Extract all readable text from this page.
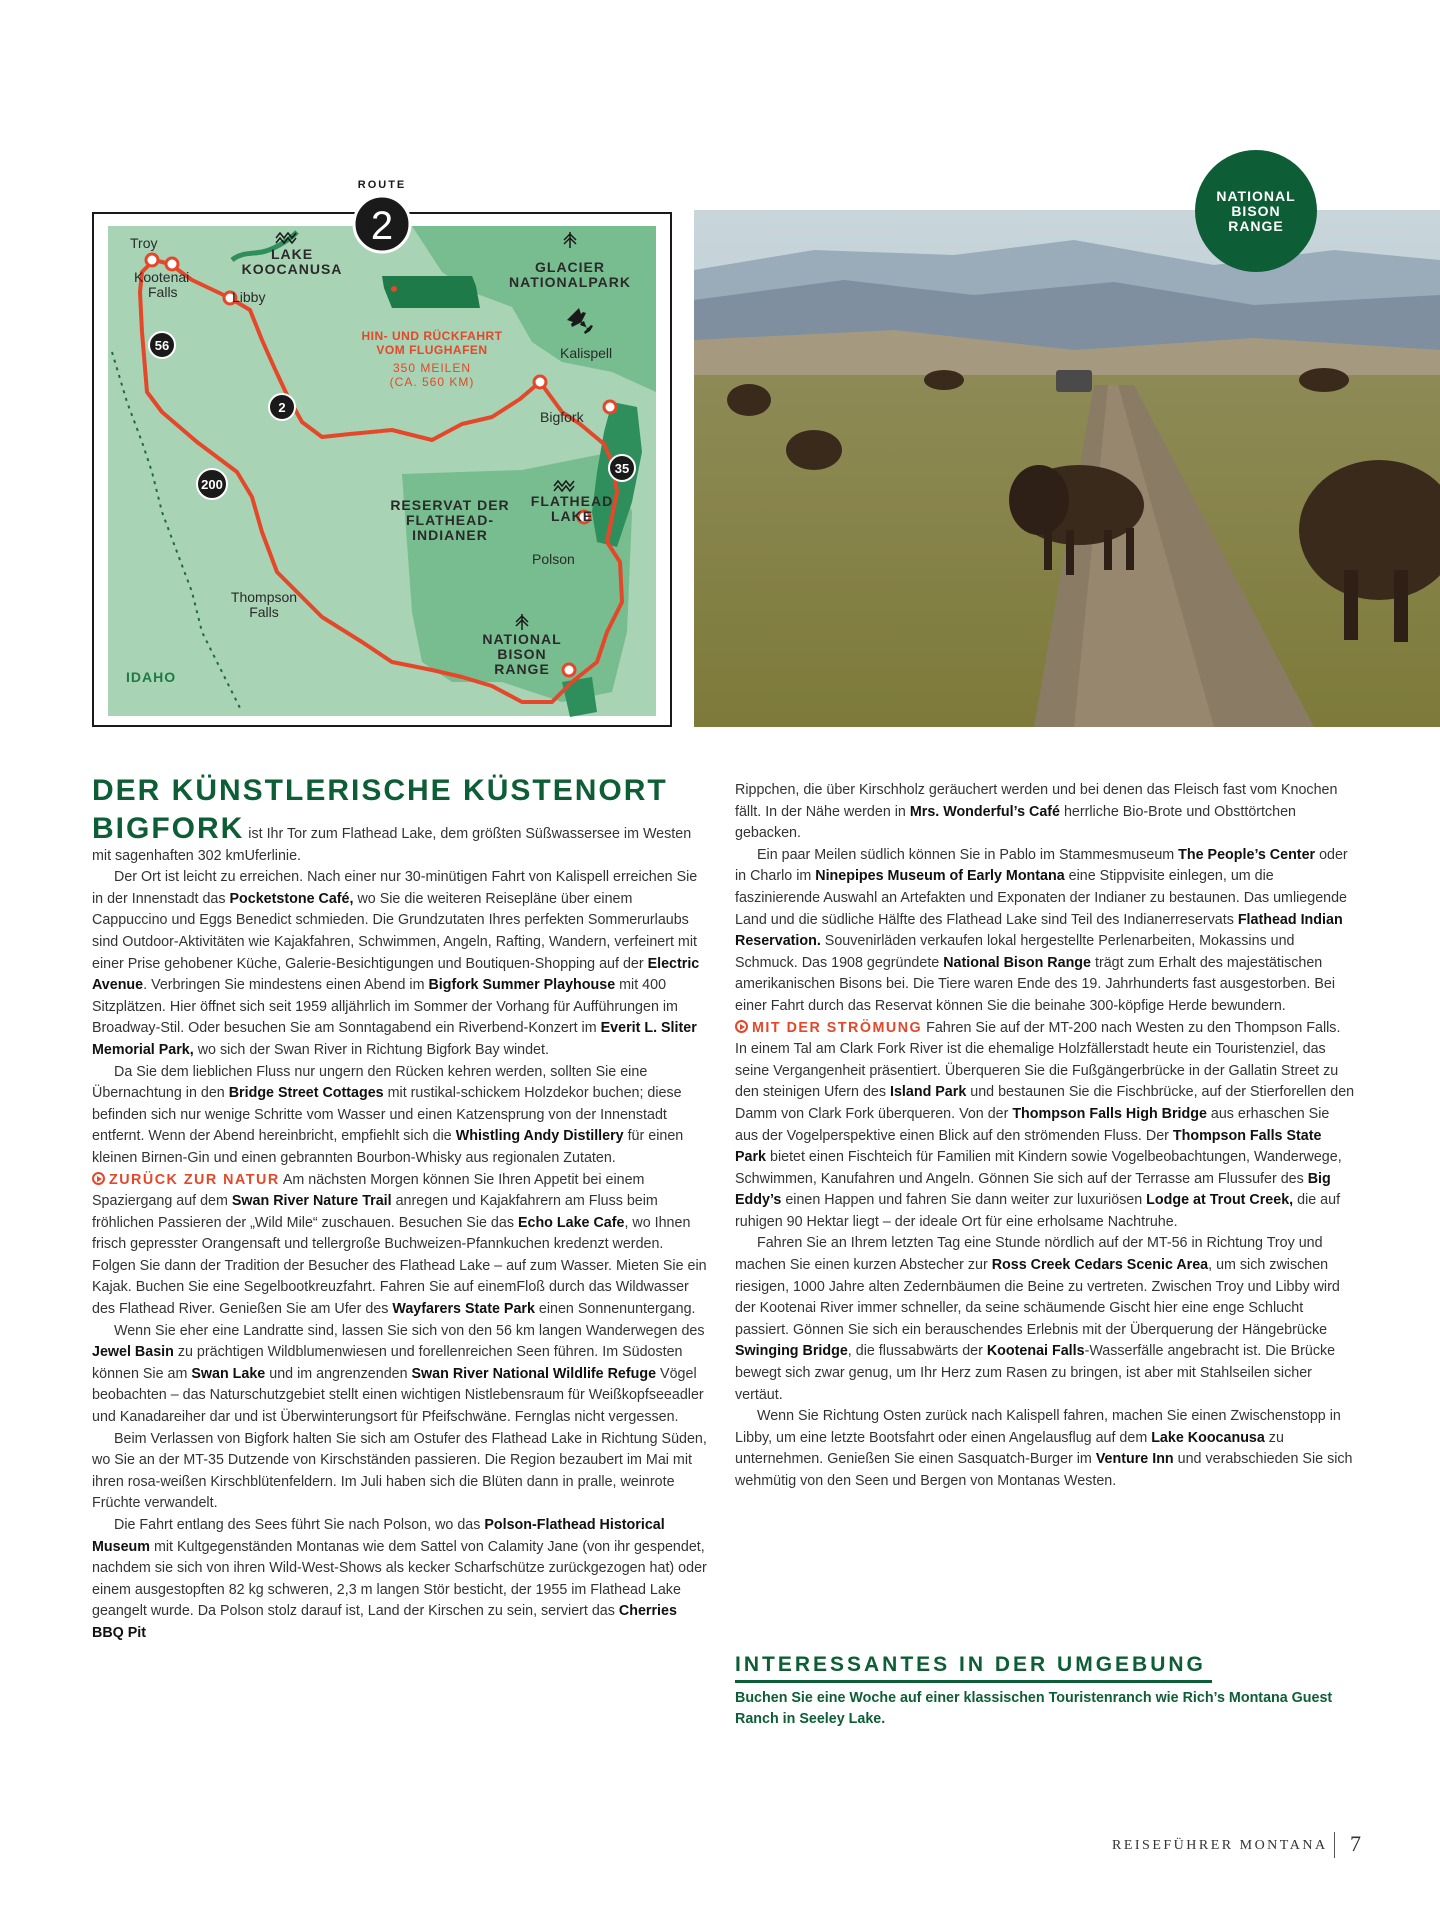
2
ROUTE
56
2
200
35
Troy
Kootenai Falls	Libby
LAKE KOOCANUSA	GLACIER NATIONALPARK
Kalispell
Bigfork
FLATHEAD LAKE
RESERVAT DER FLATHEAD-INDIANER
Polson
Thompson Falls
NATIONAL BISON RANGE
IDAHO
HIN- UND RÜCKFAHRT VOM FLUGHAFEN
350 MEILEN (CA. 560 KM)
NATIONAL
BISON
RANGE
DER KÜNSTLERISCHE KÜSTENORT

BIGFORK ist Ihr Tor zum Flathead Lake, dem größten Süßwassersee im Westen mit sagenhaften 302 kmUferlinie.

Der Ort ist leicht zu erreichen. Nach einer nur 30-minütigen Fahrt von Kalispell erreichen Sie in der Innenstadt das Pocketstone Café, wo Sie die weiteren Reisepläne über einem Cappuccino und Eggs Benedict schmieden. Die Grundzutaten Ihres perfekten Sommerurlaubs sind Outdoor-Aktivitäten wie Kajakfahren, Schwimmen, Angeln, Rafting, Wandern, verfeinert mit einer Prise gehobener Küche, Galerie-Besichtigungen und Boutiquen-Shopping auf der Electric Avenue. Verbringen Sie mindestens einen Abend im Bigfork Summer Playhouse mit 400 Sitzplätzen. Hier öffnet sich seit 1959 alljährlich im Sommer der Vorhang für Aufführungen im Broadway-Stil. Oder besuchen Sie am Sonntagabend ein Riverbend-Konzert im Everit L. Sliter Memorial Park, wo sich der Swan River in Richtung Bigfork Bay windet.

Da Sie dem lieblichen Fluss nur ungern den Rücken kehren werden, sollten Sie eine Übernachtung in den Bridge Street Cottages mit rustikal-schickem Holzdekor buchen; diese befinden sich nur wenige Schritte vom Wasser und einen Katzensprung von der Innenstadt entfernt. Wenn der Abend hereinbricht, empfiehlt sich die Whistling Andy Distillery für einen kleinen Birnen-Gin und einen gebrannten Bourbon-Whisky aus regionalen Zutaten.

ZURÜCK ZUR NATUR Am nächsten Morgen können Sie Ihren Appetit bei einem Spaziergang auf dem Swan River Nature Trail anregen und Kajakfahrern am Fluss beim fröhlichen Passieren der „Wild Mile“ zuschauen. Besuchen Sie das Echo Lake Cafe, wo Ihnen frisch gepresster Orangensaft und tellergroße Buchweizen-Pfannkuchen kredenzt werden. Folgen Sie dann der Tradition der Besucher des Flathead Lake – auf zum Wasser. Mieten Sie ein Kajak. Buchen Sie eine Segelbootkreuzfahrt. Fahren Sie auf einemFloß durch das Wildwasser des Flathead River. Genießen Sie am Ufer des Wayfarers State Park einen Sonnenuntergang.

Wenn Sie eher eine Landratte sind, lassen Sie sich von den 56 km langen Wanderwegen des Jewel Basin zu prächtigen Wildblumenwiesen und forellenreichen Seen führen. Im Südosten können Sie am Swan Lake und im angrenzenden Swan River National Wildlife Refuge Vögel beobachten – das Naturschutzgebiet stellt einen wichtigen Nistlebensraum für Weißkopfseeadler und Kanadareiher dar und ist Überwinterungsort für Pfeifschwäne. Fernglas nicht vergessen.

Beim Verlassen von Bigfork halten Sie sich am Ostufer des Flathead Lake in Richtung Süden, wo Sie an der MT-35 Dutzende von Kirschständen passieren. Die Region bezaubert im Mai mit ihren rosa-weißen Kirschblütenfeldern. Im Juli haben sich die Blüten dann in pralle, weinrote Früchte verwandelt.

Die Fahrt entlang des Sees führt Sie nach Polson, wo das Polson-Flathead Historical Museum mit Kultgegenständen Montanas wie dem Sattel von Calamity Jane (von ihr gespendet, nachdem sie sich von ihren Wild-West-Shows als kecker Scharfschütze zurückgezogen hat) oder einem ausgestopften 82 kg schweren, 2,3 m langen Stör besticht, der 1955 im Flathead Lake geangelt wurde. Da Polson stolz darauf ist, Land der Kirschen zu sein, serviert das Cherries BBQ Pit

Rippchen, die über Kirschholz geräuchert werden und bei denen das Fleisch fast vom Knochen fällt. In der Nähe werden in Mrs. Wonderful’s Café herrliche Bio-Brote und Obsttörtchen gebacken.

Ein paar Meilen südlich können Sie in Pablo im Stammesmuseum The People’s Center oder in Charlo im Ninepipes Museum of Early Montana eine Stippvisite einlegen, um die faszinierende Auswahl an Artefakten und Exponaten der Indianer zu bestaunen. Das umliegende Land und die südliche Hälfte des Flathead Lake sind Teil des Indianerreservats Flathead Indian Reservation. Souvenirläden verkaufen lokal hergestellte Perlenarbeiten, Mokassins und Schmuck. Das 1908 gegründete National Bison Range trägt zum Erhalt des majestätischen amerikanischen Bisons bei. Die Tiere waren Ende des 19. Jahrhunderts fast ausgestorben. Bei einer Fahrt durch das Reservat können Sie die beinahe 300-köpfige Herde bewundern.

MIT DER STRÖMUNG Fahren Sie auf der MT-200 nach Westen zu den Thompson Falls. In einem Tal am Clark Fork River ist die ehemalige Holzfällerstadt heute ein Touristenziel, das seine Vergangenheit präsentiert. Überqueren Sie die Fußgängerbrücke in der Gallatin Street zu den steinigen Ufern des Island Park und bestaunen Sie die Fischbrücke, auf der Stierforellen den Damm von Clark Fork überqueren. Von der Thompson Falls High Bridge aus erhaschen Sie aus der Vogelperspektive einen Blick auf den strömenden Fluss. Der Thompson Falls State Park bietet einen Fischteich für Familien mit Kindern sowie Vogelbeobachtungen, Wanderwege, Schwimmen, Kanufahren und Angeln. Gönnen Sie sich auf der Terrasse am Flussufer des Big Eddy’s einen Happen und fahren Sie dann weiter zur luxuriösen Lodge at Trout Creek, die auf ruhigen 90 Hektar liegt – der ideale Ort für eine erholsame Nachtruhe.

Fahren Sie an Ihrem letzten Tag eine Stunde nördlich auf der MT-56 in Richtung Troy und machen Sie einen kurzen Abstecher zur Ross Creek Cedars Scenic Area, um sich zwischen riesigen, 1000 Jahre alten Zedernbäumen die Beine zu vertreten. Zwischen Troy und Libby wird der Kootenai River immer schneller, da seine schäumende Gischt hier eine enge Schlucht passiert. Gönnen Sie sich ein berauschendes Erlebnis mit der Überquerung der Hängebrücke Swinging Bridge, die flussabwärts der Kootenai Falls-Wasserfälle angebracht ist. Die Brücke bewegt sich zwar genug, um Ihr Herz zum Rasen zu bringen, ist aber mit Stahlseilen sicher vertäut.

Wenn Sie Richtung Osten zurück nach Kalispell fahren, machen Sie einen Zwischenstopp in Libby, um eine letzte Bootsfahrt oder einen Angelausflug auf dem Lake Koocanusa zu unternehmen. Genießen Sie einen Sasquatch-Burger im Venture Inn und verabschieden Sie sich wehmütig von den Seen und Bergen von Montanas Westen.

INTERESSANTES IN DER UMGEBUNG
Buchen Sie eine Woche auf einer klassischen Touristenranch wie Rich’s Montana Guest Ranch in Seeley Lake.
REISEFÜHRER MONTANA 7
